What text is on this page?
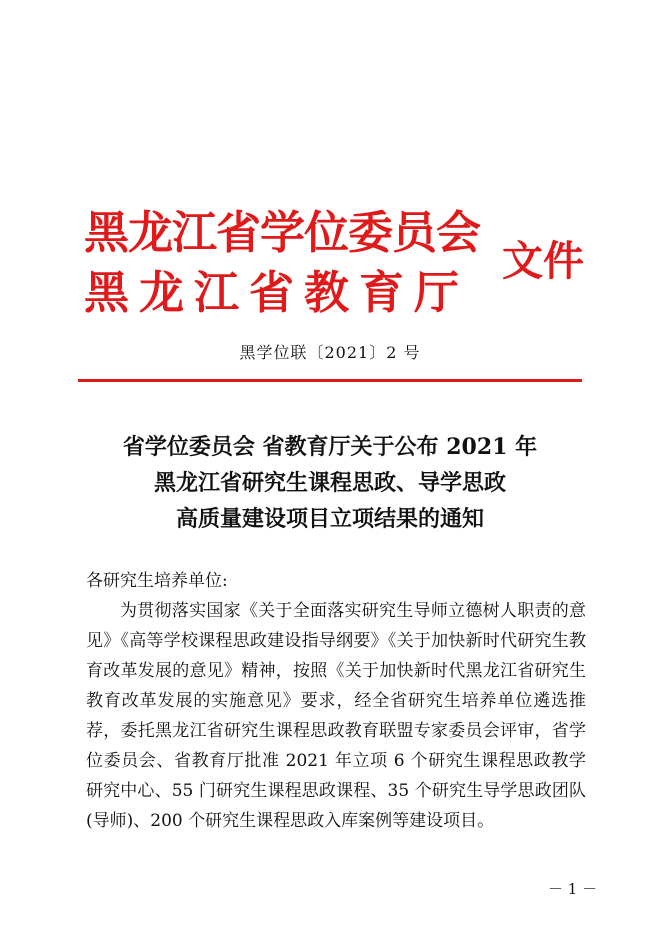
黑龙江省学位委员会
黑龙江省教育厅
文件
黑学位联〔2021〕2 号
省学位委员会 省教育厅关于公布 2021 年
黑龙江省研究生课程思政、导学思政
高质量建设项目立项结果的通知
各研究生培养单位:
为贯彻落实国家《关于全面落实研究生导师立德树人职责的意见》《高等学校课程思政建设指导纲要》《关于加快新时代研究生教育改革发展的意见》精神，按照《关于加快新时代黑龙江省研究生教育改革发展的实施意见》要求，经全省研究生培养单位遴选推荐，委托黑龙江省研究生课程思政教育联盟专家委员会评审，省学位委员会、省教育厅批准 2021 年立项 6 个研究生课程思政教学研究中心、55 门研究生课程思政课程、35 个研究生导学思政团队(导师)、200 个研究生课程思政入库案例等建设项目。
－ 1 －
